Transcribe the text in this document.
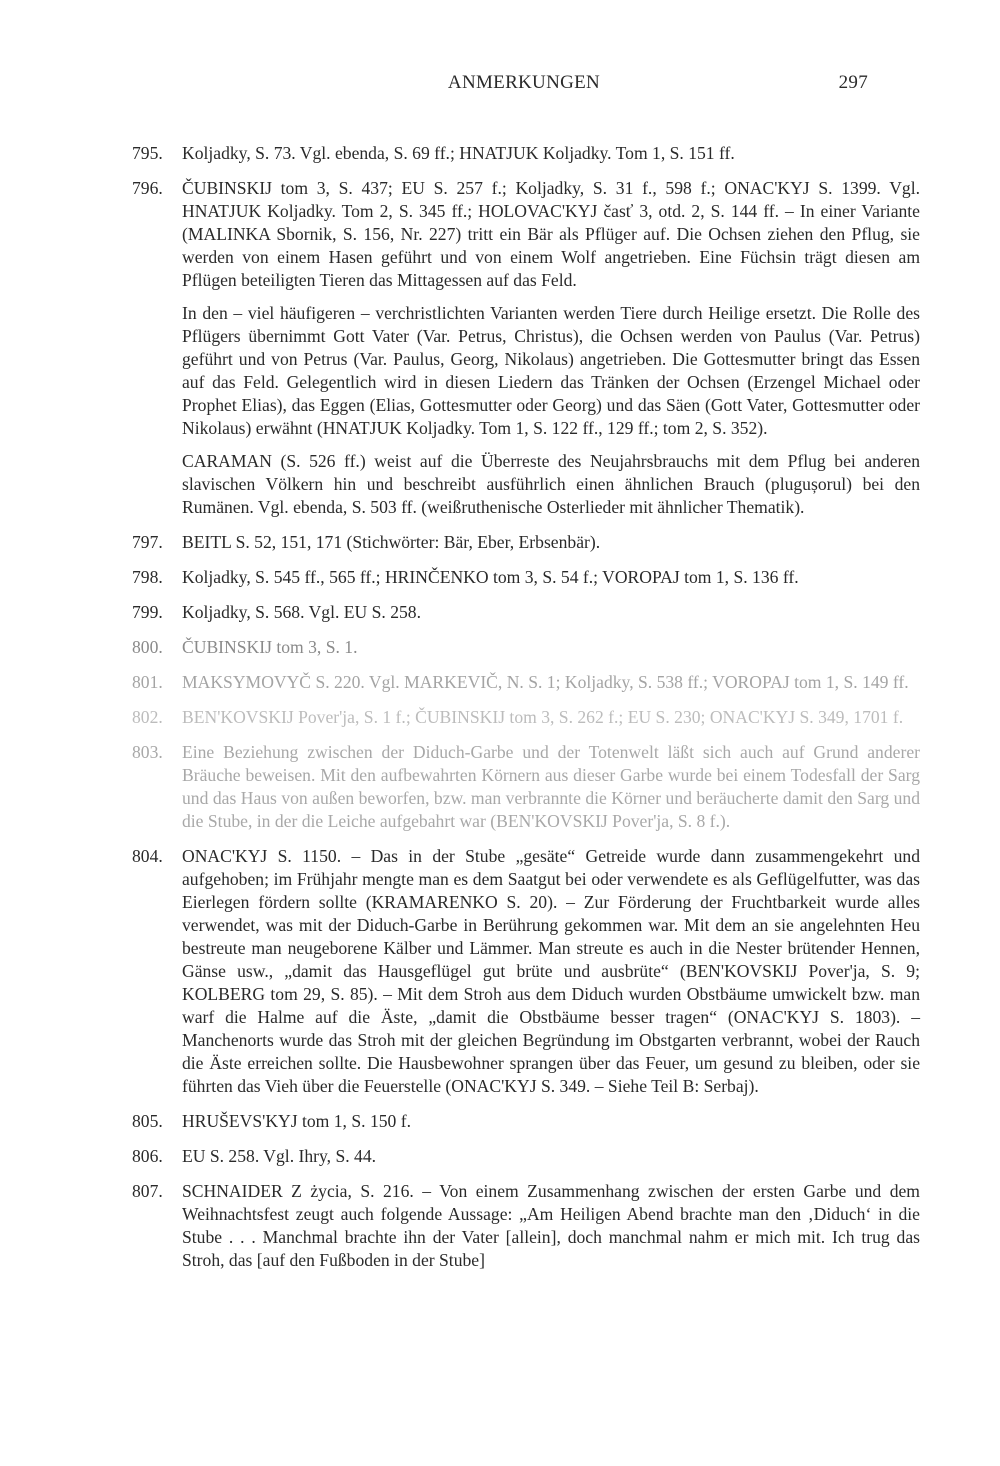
ANMERKUNGEN	297
795. Koljadky, S. 73. Vgl. ebenda, S. 69 ff.; HNATJUK Koljadky. Tom 1, S. 151 ff.

796. ČUBINSKIJ tom 3, S. 437; EU S. 257 f.; Koljadky, S. 31 f., 598 f.; ONAC'KYJ S. 1399. Vgl. HNATJUK Koljadky. Tom 2, S. 345 ff.; HOLOVAC'KYJ časť 3, otd. 2, S. 144 ff. – In einer Variante (MALINKA Sbornik, S. 156, Nr. 227) tritt ein Bär als Pflüger auf. Die Ochsen ziehen den Pflug, sie werden von einem Hasen geführt und von einem Wolf angetrieben. Eine Füchsin trägt diesen am Pflügen beteiligten Tieren das Mittagessen auf das Feld.

In den – viel häufigeren – verchristlichten Varianten werden Tiere durch Heilige ersetzt. Die Rolle des Pflügers übernimmt Gott Vater (Var. Petrus, Christus), die Ochsen werden von Paulus (Var. Petrus) geführt und von Petrus (Var. Paulus, Georg, Nikolaus) angetrieben. Die Gottesmutter bringt das Essen auf das Feld. Gelegentlich wird in diesen Liedern das Tränken der Ochsen (Erzengel Michael oder Prophet Elias), das Eggen (Elias, Gottesmutter oder Georg) und das Säen (Gott Vater, Gottesmutter oder Nikolaus) erwähnt (HNATJUK Koljadky. Tom 1, S. 122 ff., 129 ff.; tom 2, S. 352).

CARAMAN (S. 526 ff.) weist auf die Überreste des Neujahrsbrauchs mit dem Pflug bei anderen slavischen Völkern hin und beschreibt ausführlich einen ähnlichen Brauch (plugușorul) bei den Rumänen. Vgl. ebenda, S. 503 ff. (weißruthenische Osterlieder mit ähnlicher Thematik).

797. BEITL S. 52, 151, 171 (Stichwörter: Bär, Eber, Erbsenbär).

798. Koljadky, S. 545 ff., 565 ff.; HRINČENKO tom 3, S. 54 f.; VOROPAJ tom 1, S. 136 ff.

799. Koljadky, S. 568. Vgl. EU S. 258.

800. ČUBINSKIJ tom 3, S. 1.

801. MAKSYMOVYČ S. 220. Vgl. MARKEVIČ, N. S. 1; Koljadky, S. 538 ff.; VOROPAJ tom 1, S. 149 ff.

802. BEN'KOVSKIJ Pover'ja, S. 1 f.; ČUBINSKIJ tom 3, S. 262 f.; EU S. 230; ONAC'KYJ S. 349, 1701 f.

803. Eine Beziehung zwischen der Diduch-Garbe und der Totenwelt läßt sich auch auf Grund anderer Bräuche beweisen. Mit den aufbewahrten Körnern aus dieser Garbe wurde bei einem Todesfall der Sarg und das Haus von außen beworfen, bzw. man verbrannte die Körner und beräucherte damit den Sarg und die Stube, in der die Leiche aufgebahrt war (BEN'KOVSKIJ Pover'ja, S. 8 f.).

804. ONAC'KYJ S. 1150. – Das in der Stube „gesäte“ Getreide wurde dann zusammengekehrt und aufgehoben; im Frühjahr mengte man es dem Saatgut bei oder verwendete es als Geflügelfutter, was das Eierlegen fördern sollte (KRAMARENKO S. 20). – Zur Förderung der Fruchtbarkeit wurde alles verwendet, was mit der Diduch-Garbe in Berührung gekommen war. Mit dem an sie angelehnten Heu bestreute man neugeborene Kälber und Lämmer. Man streute es auch in die Nester brütender Hennen, Gänse usw., „damit das Hausgeflügel gut brüte und ausbrüte“ (BEN'KOVSKIJ Pover'ja, S. 9; KOLBERG tom 29, S. 85). – Mit dem Stroh aus dem Diduch wurden Obstbäume umwickelt bzw. man warf die Halme auf die Äste, „damit die Obstbäume besser tragen“ (ONAC'KYJ S. 1803). – Manchenorts wurde das Stroh mit der gleichen Begründung im Obstgarten verbrannt, wobei der Rauch die Äste erreichen sollte. Die Hausbewohner sprangen über das Feuer, um gesund zu bleiben, oder sie führten das Vieh über die Feuerstelle (ONAC'KYJ S. 349. – Siehe Teil B: Serbaj).

805. HRUŠEVS'KYJ tom 1, S. 150 f.

806. EU S. 258. Vgl. Ihry, S. 44.

807. SCHNAIDER Z życia, S. 216. – Von einem Zusammenhang zwischen der ersten Garbe und dem Weihnachtsfest zeugt auch folgende Aussage: „Am Heiligen Abend brachte man den ‚Diduch‘ in die Stube . . . Manchmal brachte ihn der Vater [allein], doch manchmal nahm er mich mit. Ich trug das Stroh, das [auf den Fußboden in der Stube]
